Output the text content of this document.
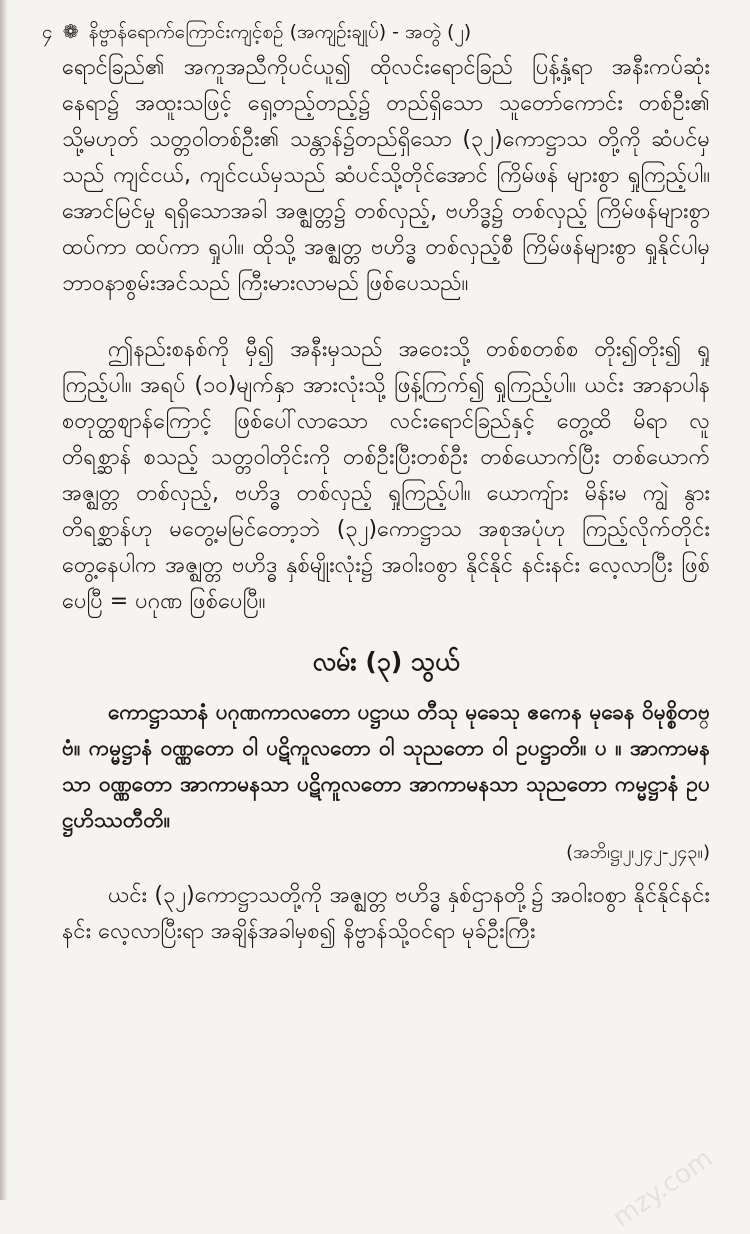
၄ ❁ နိဗ္ဗာန်ရောက်ကြောင်းကျင့်စဉ် (အကျဉ်းချုပ်) - အတွဲ (၂)

ရောင်ခြည်၏ အကူအညီကိုပင်ယူ၍ ထိုလင်းရောင်ခြည် ပြန့်နှံ့ရာ အနီးကပ်ဆုံး နေရာ၌ အထူးသဖြင့် ရှေ့တည့်တည့်၌ တည်ရှိသော သူတော်ကောင်း တစ်ဦး၏ သို့မဟုတ် သတ္တဝါတစ်ဦး၏ သန္တာန်၌တည်ရှိသော (၃၂)ကောဋ္ဌာသ တို့ကို ဆံပင်မှသည် ကျင်ငယ်, ကျင်ငယ်မှသည် ဆံပင်သို့တိုင်အောင် ကြိမ်ဖန် များစွာ ရှုကြည့်ပါ။ အောင်မြင်မှု ရရှိသောအခါ အဇ္ဈတ္တ၌ တစ်လှည့်, ဗဟိဒ္ဓ၌ တစ်လှည့် ကြိမ်ဖန်များစွာ ထပ်ကာ ထပ်ကာ ရှုပါ။ ထိုသို့ အဇ္ဈတ္တ ဗဟိဒ္ဓ တစ်လှည့်စီ ကြိမ်ဖန်များစွာ ရှုနိုင်ပါမှ ဘာဝနာစွမ်းအင်သည် ကြီးမားလာမည် ဖြစ်ပေသည်။

ဤနည်းစနစ်ကို မှီ၍ အနီးမှသည် အဝေးသို့ တစ်စတစ်စ တိုး၍တိုး၍ ရှုကြည့်ပါ။ အရပ် (၁၀)မျက်နှာ အားလုံးသို့ ဖြန့်ကြက်၍ ရှုကြည့်ပါ။ ယင်း အာနာပါနစတုတ္ထဈာန်ကြောင့် ဖြစ်ပေါ်လာသော လင်းရောင်ခြည်နှင့် တွေ့ထိ မိရာ လူ တိရစ္ဆာန် စသည့် သတ္တဝါတိုင်းကို တစ်ဦးပြီးတစ်ဦး တစ်ယောက်ပြီး တစ်ယောက် အဇ္ဈတ္တ တစ်လှည့်, ဗဟိဒ္ဓ တစ်လှည့် ရှုကြည့်ပါ။ ယောကျ်ား မိန်းမ ကျွဲ နွား တိရစ္ဆာန်ဟု မတွေ့မမြင်တော့ဘဲ (၃၂)ကောဋ္ဌာသ အစုအပုံဟု ကြည့်လိုက်တိုင်း တွေ့နေပါက အဇ္ဈတ္တ ဗဟိဒ္ဓ နှစ်မျိုးလုံး၌ အဝါးဝစွာ နိုင်နိုင် နင်းနင်း လေ့လာပြီး ဖြစ်ပေပြီ = ပဂုဏ ဖြစ်ပေပြီ။

လမ်း (၃) သွယ်

ကောဋ္ဌာသာနံ ပဂုဏကာလတော ပဋ္ဌာယ တီသု မုခေသု ဧကေန မုခေန ဝိမုစ္စိတဗ္ဗံ။ ကမ္မဋ္ဌာနံ ဝဏ္ဏတော ဝါ ပဋိကူလတော ဝါ သုညတော ဝါ ဥပဋ္ဌာတိ။ ပ ။ အာကာမနသာ ဝဏ္ဏတော အာကာမနသာ ပဋိကူလတော အာကာမနသာ သုညတော ကမ္မဋ္ဌာနံ ဥပဋ္ဌဟိဿတီတိ။

(အဘိ၊ဋ္ဌ၊၂၊၂၄၂-၂၄၃။)

ယင်း (၃၂)ကောဋ္ဌာသတို့ကို အဇ္ဈတ္တ ဗဟိဒ္ဓ နှစ်ဌာနတို့၌ အဝါးဝစွာ နိုင်နိုင်နင်းနင်း လေ့လာပြီးရာ အချိန်အခါမှစ၍ နိဗ္ဗာန်သို့ဝင်ရာ မုခ်ဦးကြီး

mzy.com
